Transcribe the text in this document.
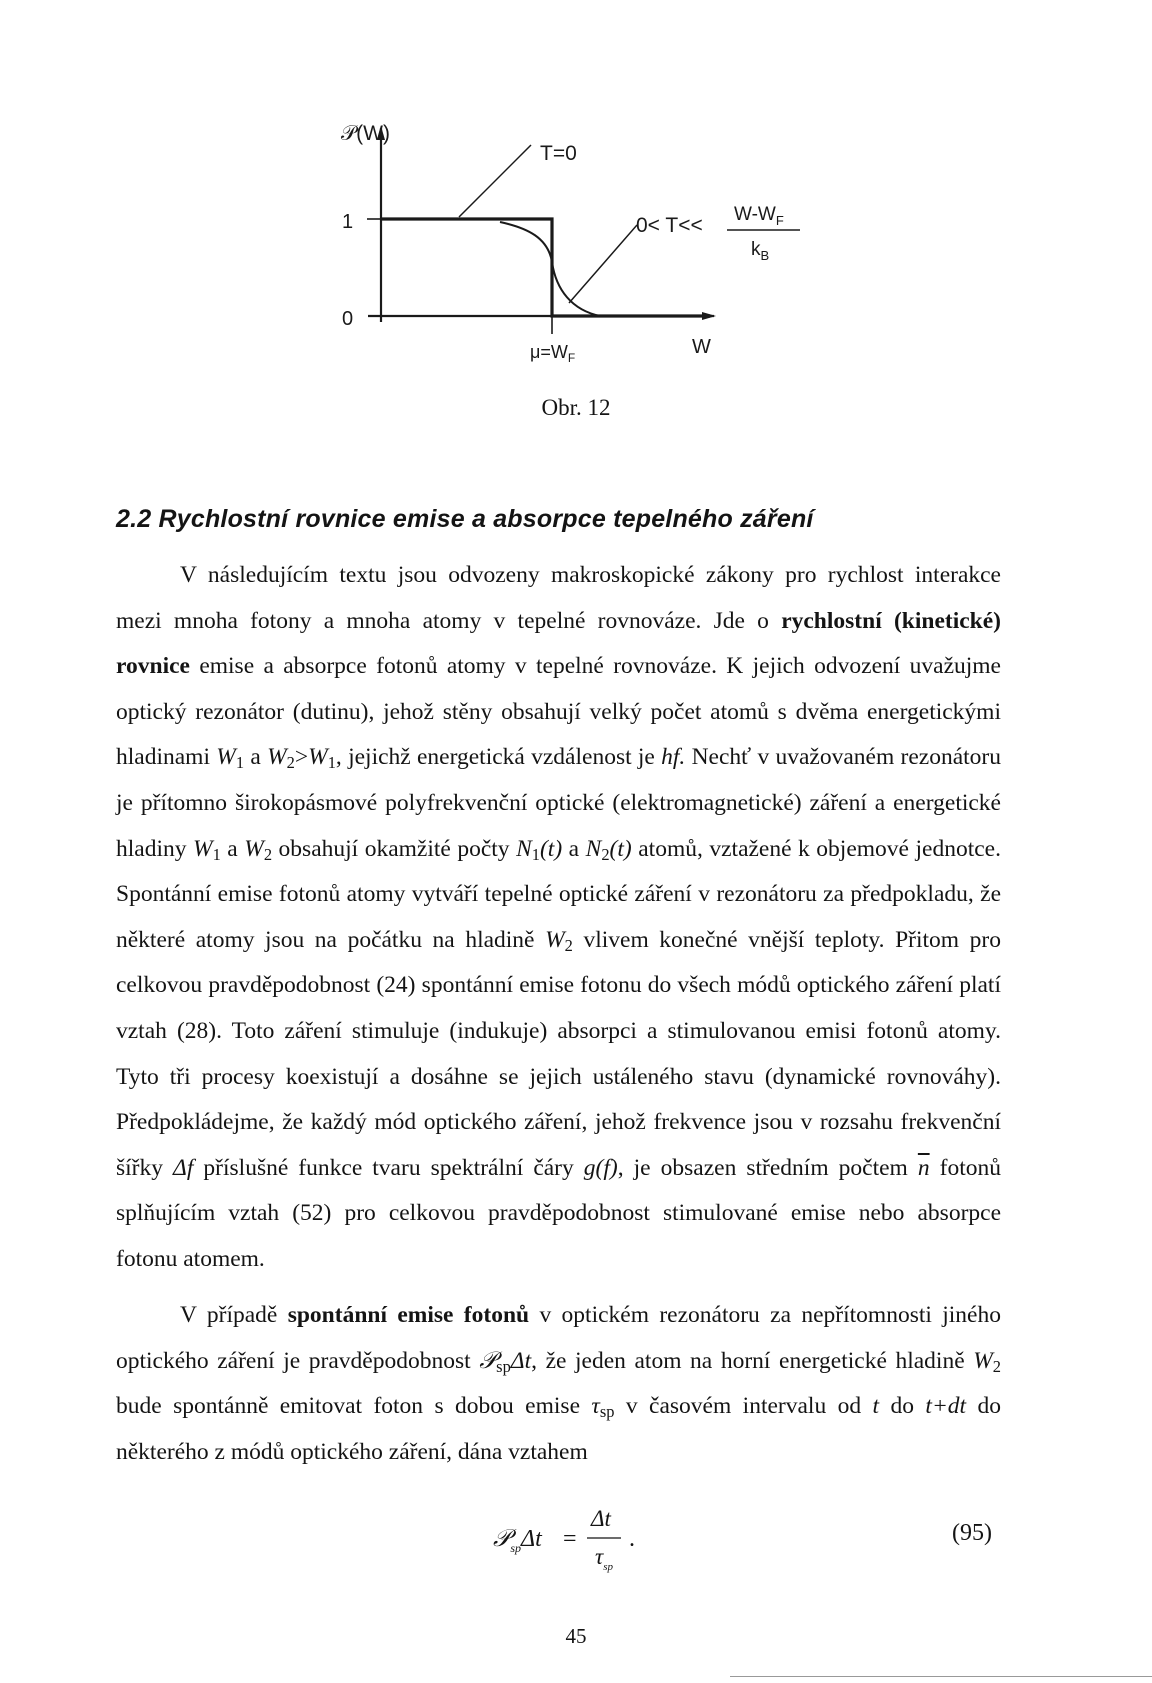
𝒫(W)
1
0
T=0
$0< T<< W-W_F$
$k_B$
$\mu=W_F$	W
Obr. 12
2.2 Rychlostní rovnice emise a absorpce tepelného záření

V následujícím textu jsou odvozeny makroskopické zákony pro rychlost interakce mezi mnoha fotony a mnoha atomy v tepelné rovnováze. Jde o rychlostní (kinetické) rovnice emise a absorpce fotonů atomy v tepelné rovnováze. K jejich odvození uvažujme optický rezonátor (dutinu), jehož stěny obsahují velký počet atomů s dvěma energetickými hladinami $W_1$ a $W_2>W_1$, jejichž energetická vzdálenost je hf. Nechť v uvažovaném rezonátoru je přítomno širokopásmové polyfrekvenční optické (elektromagnetické) záření a energetické hladiny $W_1$ a $W_2$ obsahují okamžité počty $N_1(t)$ a $N_2(t)$ atomů, vztažené k objemové jednotce. Spontánní emise fotonů atomy vytváří tepelné optické záření v rezonátoru za předpokladu, že některé atomy jsou na počátku na hladině $W_2$ vlivem konečné vnější teploty. Přitom pro celkovou pravděpodobnost (24) spontánní emise fotonu do všech módů optického záření platí vztah (28). Toto záření stimuluje (indukuje) absorpci a stimulovanou emisi fotonů atomy. Tyto tři procesy koexistují a dosáhne se jejich ustáleného stavu (dynamické rovnováhy). Předpokládejme, že každý mód optického záření, jehož frekvence jsou v rozsahu frekvenční šířky Δf příslušné funkce tvaru spektrální čáry g(f), je obsazen středním počtem $\overline{n}$ fotonů splňujícím vztah (52) pro celkovou pravděpodobnost stimulované emise nebo absorpce fotonu atomem.

V případě spontánní emise fotonů v optickém rezonátoru za nepřítomnosti jiného optického záření je pravděpodobnost 𝒫$_{sp}$Δt, že jeden atom na horní energetické hladině $W_2$ bude spontánně emitovat foton s dobou emise $\tau_{sp}$ v časovém intervalu od t do t+dt do některého z módů optického záření, dána vztahem

𝒫$_{sp}$Δt =
Δt
$\tau_{sp}$
.	(95)
45
